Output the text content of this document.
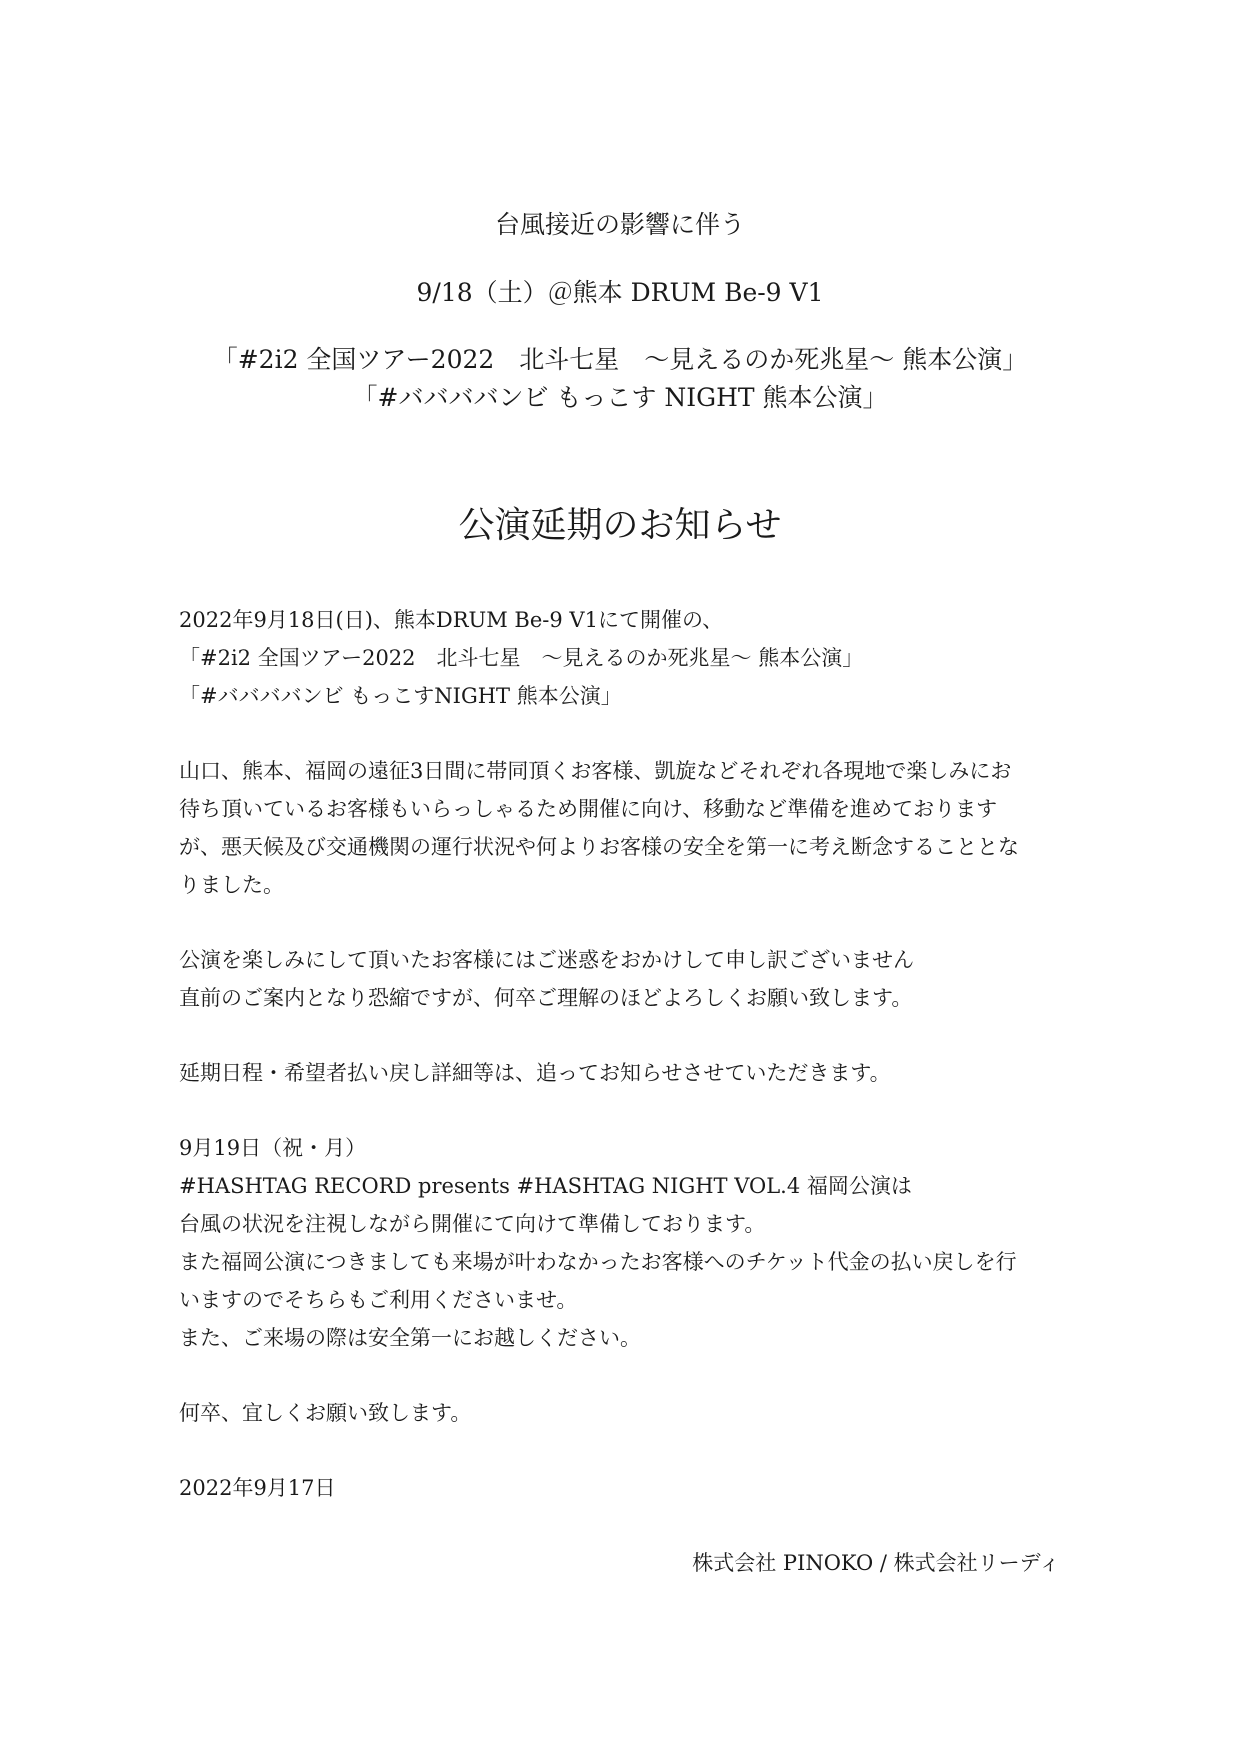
台風接近の影響に伴う
9/18（土）＠熊本 DRUM Be-9 V1
「#2i2 全国ツアー2022　北斗七星　〜見えるのか死兆星〜 熊本公演」
「#ババババンビ もっこす NIGHT 熊本公演」
公演延期のお知らせ
2022年9月18日(日)、熊本DRUM Be-9 V1にて開催の、
「#2i2 全国ツアー2022　北斗七星　〜見えるのか死兆星〜 熊本公演」
「#ババババンビ もっこすNIGHT 熊本公演」
山口、熊本、福岡の遠征3日間に帯同頂くお客様、凱旋などそれぞれ各現地で楽しみにお
待ち頂いているお客様もいらっしゃるため開催に向け、移動など準備を進めております
が、悪天候及び交通機関の運行状況や何よりお客様の安全を第一に考え断念することとな
りました。
公演を楽しみにして頂いたお客様にはご迷惑をおかけして申し訳ございません
直前のご案内となり恐縮ですが、何卒ご理解のほどよろしくお願い致します。
延期日程・希望者払い戻し詳細等は、追ってお知らせさせていただきます。
9月19日（祝・月）
#HASHTAG RECORD presents #HASHTAG NIGHT VOL.4 福岡公演は
台風の状況を注視しながら開催にて向けて準備しております。
また福岡公演につきましても来場が叶わなかったお客様へのチケット代金の払い戻しを行
いますのでそちらもご利用くださいませ。
また、ご来場の際は安全第一にお越しください。
何卒、宜しくお願い致します。
2022年9月17日
株式会社 PINOKO / 株式会社リーディ
